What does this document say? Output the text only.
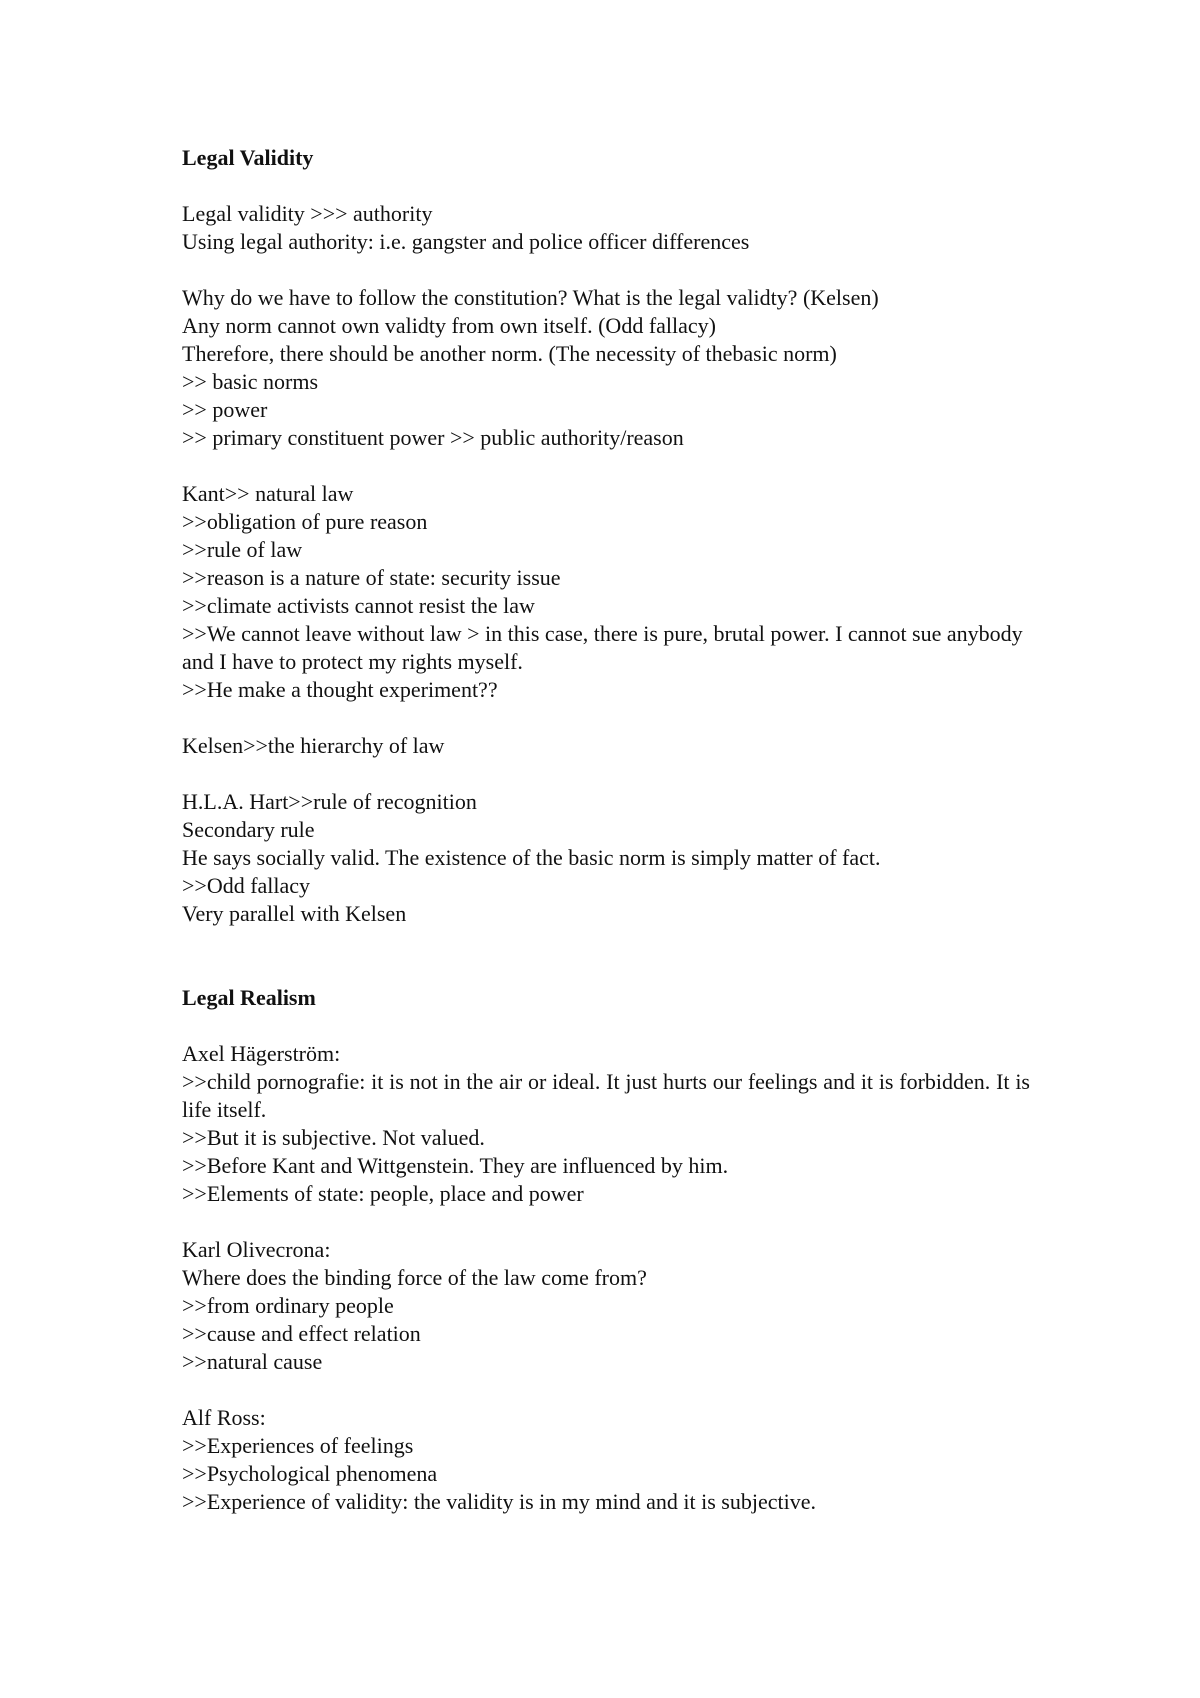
Legal Validity

Legal validity >>> authority

Using legal authority: i.e. gangster and police officer differences

Why do we have to follow the constitution? What is the legal validty? (Kelsen)

Any norm cannot own validty from own itself. (Odd fallacy)

Therefore, there should be another norm. (The necessity of thebasic norm)

>> basic norms

>> power

>> primary constituent power >> public authority/reason

Kant>> natural law

>>obligation of pure reason

>>rule of law

>>reason is a nature of state: security issue

>>climate activists cannot resist the law

>>We cannot leave without law > in this case, there is pure, brutal power. I cannot sue anybody and I have to protect my rights myself.

>>He make a thought experiment??

Kelsen>>the hierarchy of law

H.L.A. Hart>>rule of recognition

Secondary rule

He says socially valid. The existence of the basic norm is simply matter of fact.

>>Odd fallacy

Very parallel with Kelsen

Legal Realism

Axel Hägerström:

>>child pornografie: it is not in the air or ideal. It just hurts our feelings and it is forbidden. It is life itself.

>>But it is subjective. Not valued.

>>Before Kant and Wittgenstein. They are influenced by him.

>>Elements of state: people, place and power

Karl Olivecrona:

Where does the binding force of the law come from?

>>from ordinary people

>>cause and effect relation

>>natural cause

Alf Ross:

>>Experiences of feelings

>>Psychological phenomena

>>Experience of validity: the validity is in my mind and it is subjective.
